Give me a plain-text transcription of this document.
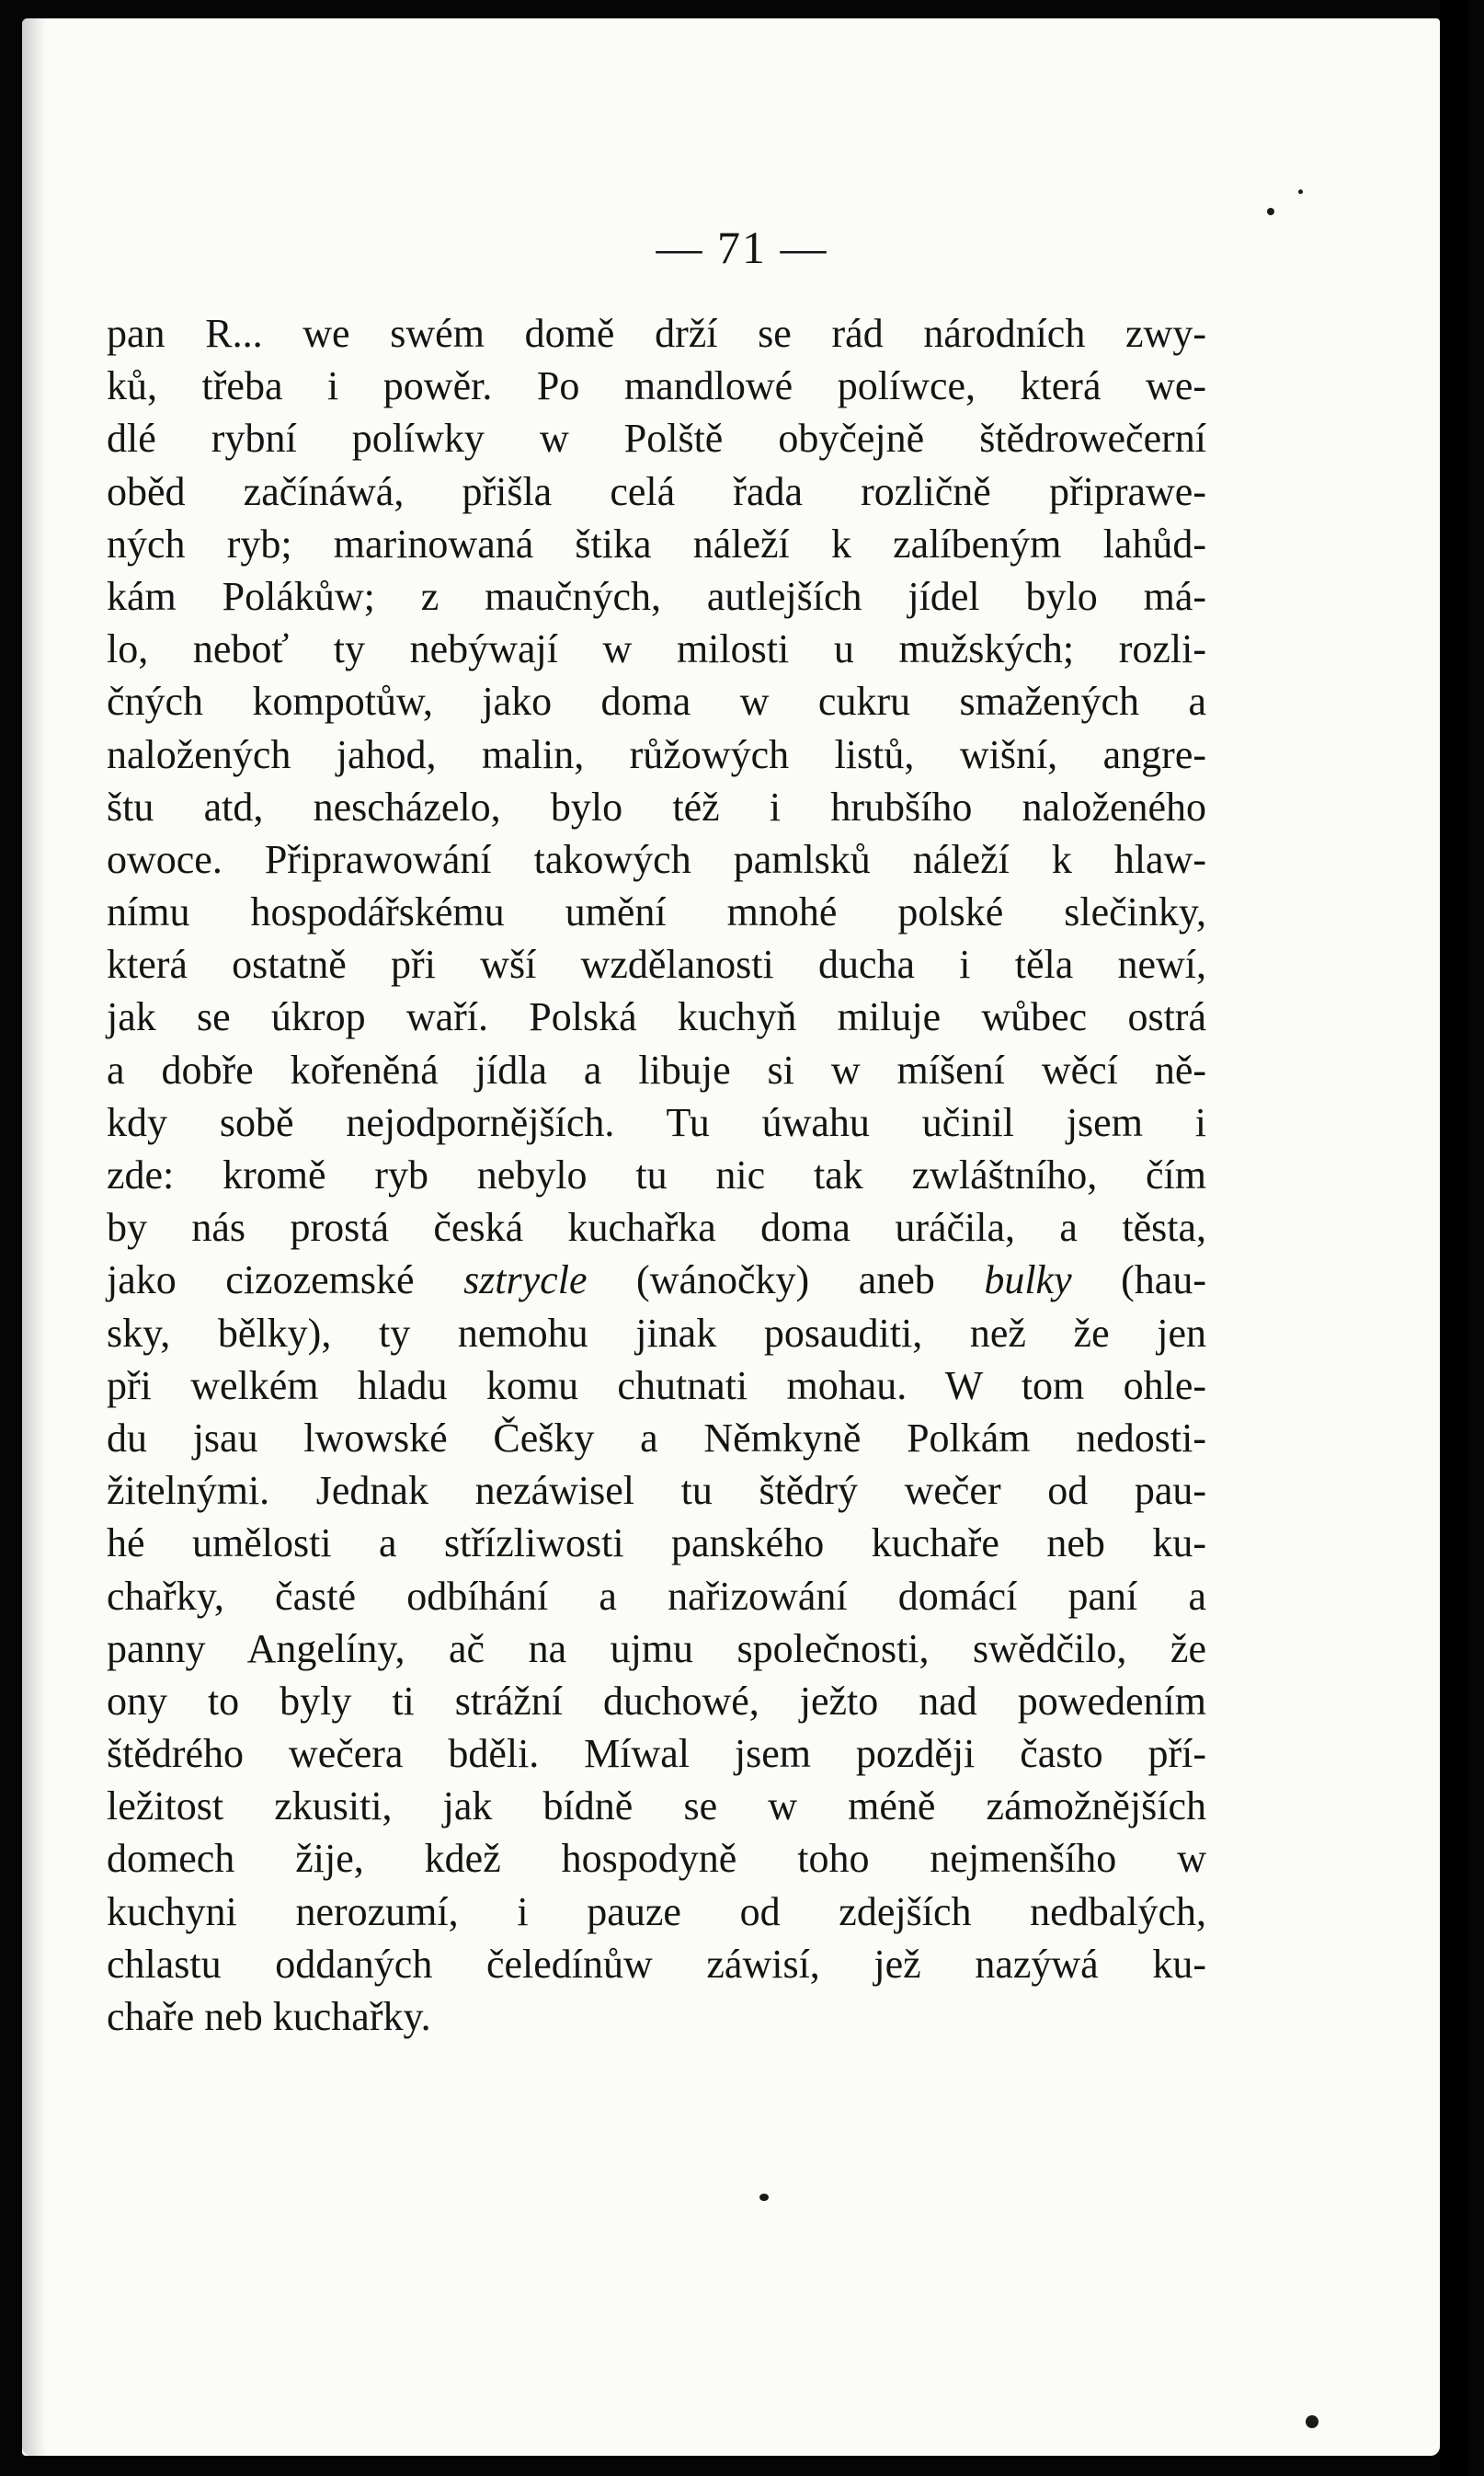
— 71 —
pan R... we swém domě drží se rád národních zwy-
ků, třeba i powěr. Po mandlowé políwce, která we-
dlé rybní políwky w Polště obyčejně štědrowečerní
oběd začínáwá, přišla celá řada rozličně připrawe-
ných ryb; marinowaná štika náleží k zalíbeným lahůd-
kám Polákůw; z maučných, autlejších jídel bylo má-
lo, neboť ty nebýwají w milosti u mužských; rozli-
čných kompotůw, jako doma w cukru smažených a
naložených jahod, malin, růžowých listů, wišní, angre-
štu atd, nescházelo, bylo též i hrubšího naloženého
owoce. Připrawowání takowých pamlsků náleží k hlaw-
nímu hospodářskému umění mnohé polské slečinky,
která ostatně při wší wzdělanosti ducha i těla newí,
jak se úkrop waří. Polská kuchyň miluje wůbec ostrá
a dobře kořeněná jídla a libuje si w míšení wěcí ně-
kdy sobě nejodpornějších. Tu úwahu učinil jsem i
zde: kromě ryb nebylo tu nic tak zwláštního, čím
by nás prostá česká kuchařka doma uráčila, a těsta,
jako cizozemské sztrycle (wánočky) aneb bulky (hau-
sky, bělky), ty nemohu jinak posauditi, než že jen
při welkém hladu komu chutnati mohau. W tom ohle-
du jsau lwowské Češky a Němkyně Polkám nedosti-
žitelnými. Jednak nezáwisel tu štědrý wečer od pau-
hé umělosti a střízliwosti panského kuchaře neb ku-
chařky, časté odbíhání a nařizowání domácí paní a
panny Angelíny, ač na ujmu společnosti, swědčilo, že
ony to byly ti strážní duchowé, ježto nad powedením
štědrého wečera bděli. Míwal jsem později často pří-
ležitost zkusiti, jak bídně se w méně zámožnějších
domech žije, kdež hospodyně toho nejmenšího w
kuchyni nerozumí, i pauze od zdejších nedbalých,
chlastu oddaných čeledínůw záwisí, jež nazýwá ku-
chaře neb kuchařky.
